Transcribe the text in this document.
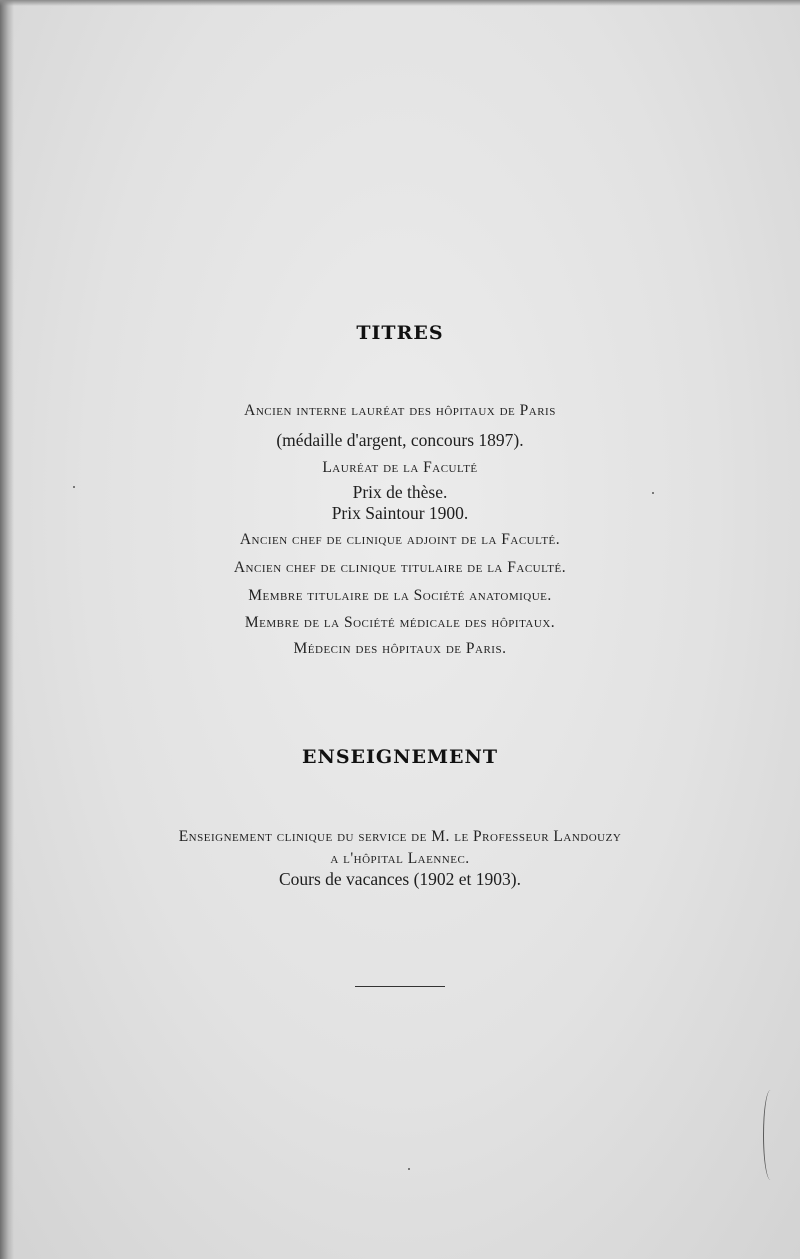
TITRES
Ancien interne lauréat des hôpitaux de Paris
(médaille d'argent, concours 1897).
Lauréat de la Faculté
Prix de thèse.
Prix Saintour 1900.
Ancien chef de clinique adjoint de la Faculté.
Ancien chef de clinique titulaire de la Faculté.
Membre titulaire de la Société anatomique.
Membre de la Société médicale des hôpitaux.
Médecin des hôpitaux de Paris.
ENSEIGNEMENT
Enseignement clinique du service de M. le Professeur Landouzy
a l'hôpital Laennec.
Cours de vacances (1902 et 1903).
